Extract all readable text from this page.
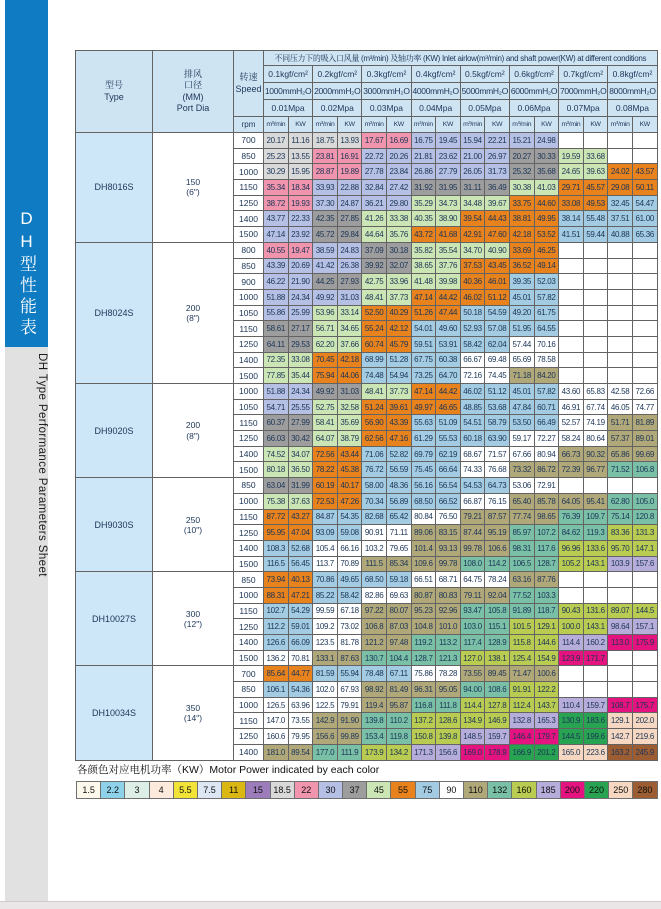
DH型性能表
DH Type Performance Parameters Sheet
型号
Type	排风
口径
(MM)
Port Dia	转速
Speed	不同压力下的吸入口风量 (m³/min) 及轴功率 (KW) Inlet airlow(m³/min) and shaft power(KW) at different conditions															
			0.1kgf/cm²		0.2kgf/cm²		0.3kgf/cm²		0.4kgf/cm²		0.5kgf/cm²		0.6kgf/cm²		0.7kgf/cm²		0.8kgf/cm²	
			1000mmH₂O		2000mmH₂O		3000mmH₂O		4000mmH₂O		5000mmH₂O		6000mmH₂O		7000mmH₂O		8000mmH₂O	
			0.01Mpa		0.02Mpa		0.03Mpa		0.04Mpa		0.05Mpa		0.06Mpa		0.07Mpa		0.08Mpa	
		rpm	m³/min	KW	m³/min	KW	m³/min	KW	m³/min	KW	m³/min	KW	m³/min	KW	m³/min	KW	m³/min	KW
DH8016S	150
(6")	700	20.17	11.16	18.75	13.93	17.67	16.69	16.75	19.45	15.94	22.21	15.21	24.98				
		850	25.23	13.55	23.81	16.91	22.72	20.26	21.81	23.62	21.00	26.97	20.27	30.33	19.59	33.68		
		1000	30.29	15.95	28.87	19.89	27.78	23.84	26.86	27.79	26.05	31.73	25.32	35.68	24.65	39.63	24.02	43.57
		1150	35.34	18.34	33.93	22.88	32.84	27.42	31.92	31.95	31.11	36.49	30.38	41.03	29.71	45.57	29.08	50.11
		1250	38.72	19.93	37.30	24.87	36.21	29.80	35.29	34.73	34.48	39.67	33.75	44.60	33.08	49.53	32.45	54.47
		1400	43.77	22.33	42.35	27.85	41.26	33.38	40.35	38.90	39.54	44.43	38.81	49.95	38.14	55.48	37.51	61.00
		1500	47.14	23.92	45.72	29.84	44.64	35.76	43.72	41.68	42.91	47.60	42.18	53.52	41.51	59.44	40.88	65.36
DH8024S	200
(8")	800	40.55	19.47	38.59	24.83	37.09	30.18	35.82	35.54	34.70	40.90	33.69	46.25				
		850	43.39	20.69	41.42	26.38	39.92	32.07	38.65	37.76	37.53	43.45	36.52	49.14				
		900	46.22	21.90	44.25	27.93	42.75	33.96	41.48	39.98	40.36	46.01	39.35	52.03				
		1000	51.88	24.34	49.92	31.03	48.41	37.73	47.14	44.42	46.02	51.12	45.01	57.82				
		1050	55.86	25.99	53.96	33.14	52.50	40.29	51.26	47.44	50.18	54.59	49.20	61.75				
		1150	58.61	27.17	56.71	34.65	55.24	42.12	54.01	49.60	52.93	57.08	51.95	64.55				
		1250	64.11	29.53	62.20	37.66	60.74	45.79	59.51	53.91	58.42	62.04	57.44	70.16				
		1400	72.35	33.08	70.45	42.18	68.99	51.28	67.75	60.38	66.67	69.48	65.69	78.58				
		1500	77.85	35.44	75.94	44.06	74.48	54.94	73.25	64.70	72.16	74.45	71.18	84.20				
DH9020S	200
(8")	1000	51.88	24.34	49.92	31.03	48.41	37.73	47.14	44.42	46.02	51.12	45.01	57.82	43.60	65.83	42.58	72.66
		1050	54.71	25.55	52.75	32.58	51.24	39.61	49.97	46.65	48.85	53.68	47.84	60.71	46.91	67.74	46.05	74.77
		1150	60.37	27.99	58.41	35.69	56.90	43.39	55.63	51.09	54.51	58.79	53.50	66.49	52.57	74.19	51.71	81.89
		1250	66.03	30.42	64.07	38.79	62.56	47.16	61.29	55.53	60.18	63.90	59.17	72.27	58.24	80.64	57.37	89.01
		1400	74.52	34.07	72.56	43.44	71.06	52.82	69.79	62.19	68.67	71.57	67.66	80.94	66.73	90.32	65.86	99.69
		1500	80.18	36.50	78.22	45.38	76.72	56.59	75.45	66.64	74.33	76.68	73.32	86.72	72.39	96.77	71.52	106.8
DH9030S	250
(10")	850	63.04	31.99	60.19	40.17	58.00	48.36	56.16	56.54	54.53	64.73	53.06	72.91				
		1000	75.38	37.63	72.53	47.26	70.34	56.89	68.50	66.52	66.87	76.15	65.40	85.78	64.05	95.41	62.80	105.0
		1150	87.72	43.27	84.87	54.35	82.68	65.42	80.84	76.50	79.21	87.57	77.74	98.65	76.39	109.7	75.14	120.8
		1250	95.95	47.04	93.09	59.08	90.91	71.11	89.06	83.15	87.44	95.19	85.97	107.2	84.62	119.3	83.36	131.3
		1400	108.3	52.68	105.4	66.16	103.2	79.65	101.4	93.13	99.78	106.6	98.31	117.6	96.96	133.6	95.70	147.1
		1500	116.5	56.45	113.7	70.89	111.5	85.34	109.6	99.78	108.0	114.2	106.5	128.7	105.2	143.1	103.9	157.6
DH10027S	300
(12")	850	73.94	40.13	70.86	49.65	68.50	59.18	66.51	68.71	64.75	78.24	63.16	87.76				
		1000	88.31	47.21	85.22	58.42	82.86	69.63	80.87	80.83	79.11	92.04	77.52	103.3				
		1150	102.7	54.29	99.59	67.18	97.22	80.07	95.23	92.96	93.47	105.8	91.89	118.7	90.43	131.6	89.07	144.5
		1250	112.2	59.01	109.2	73.02	106.8	87.03	104.8	101.0	103.0	115.1	101.5	129.1	100.0	143.1	98.64	157.1
		1400	126.6	66.09	123.5	81.78	121.2	97.48	119.2	113.2	117.4	128.9	115.8	144.6	114.4	160.2	113.0	175.9
		1500	136.2	70.81	133.1	87.63	130.7	104.4	128.7	121.3	127.0	138.1	125.4	154.9	123.9	171.7		
DH10034S	350
(14")	700	85.64	44.77	81.59	55.94	78.48	67.11	75.86	78.28	73.55	89.45	71.47	100.6				
		850	106.1	54.36	102.0	67.93	98.92	81.49	96.31	95.05	94.00	108.6	91.91	122.2				
		1000	126.5	63.96	122.5	79.91	119.4	95.87	116.8	111.8	114.4	127.8	112.4	143.7	110.4	159.7	108.7	175.7
		1150	147.0	73.55	142.9	91.90	139.8	110.2	137.2	128.6	134.9	146.9	132.8	165.3	130.9	183.6	129.1	202.0
		1250	160.6	79.95	156.6	99.89	153.4	119.8	150.8	139.8	148.5	159.7	146.4	179.7	144.5	199.6	142.7	219.6
		1400	181.0	89.54	177.0	111.9	173.9	134.2	171.3	156.6	169.0	178.9	166.9	201.2	165.0	223.6	163.2	245.9
各颜色对应电机功率（KW）Motor Power indicated by each color
1.5	2.2	3	4	5.5	7.5	11	15	18.5	22	30	37	45	55	75	90	110	132	160	185	200	220	250	280
